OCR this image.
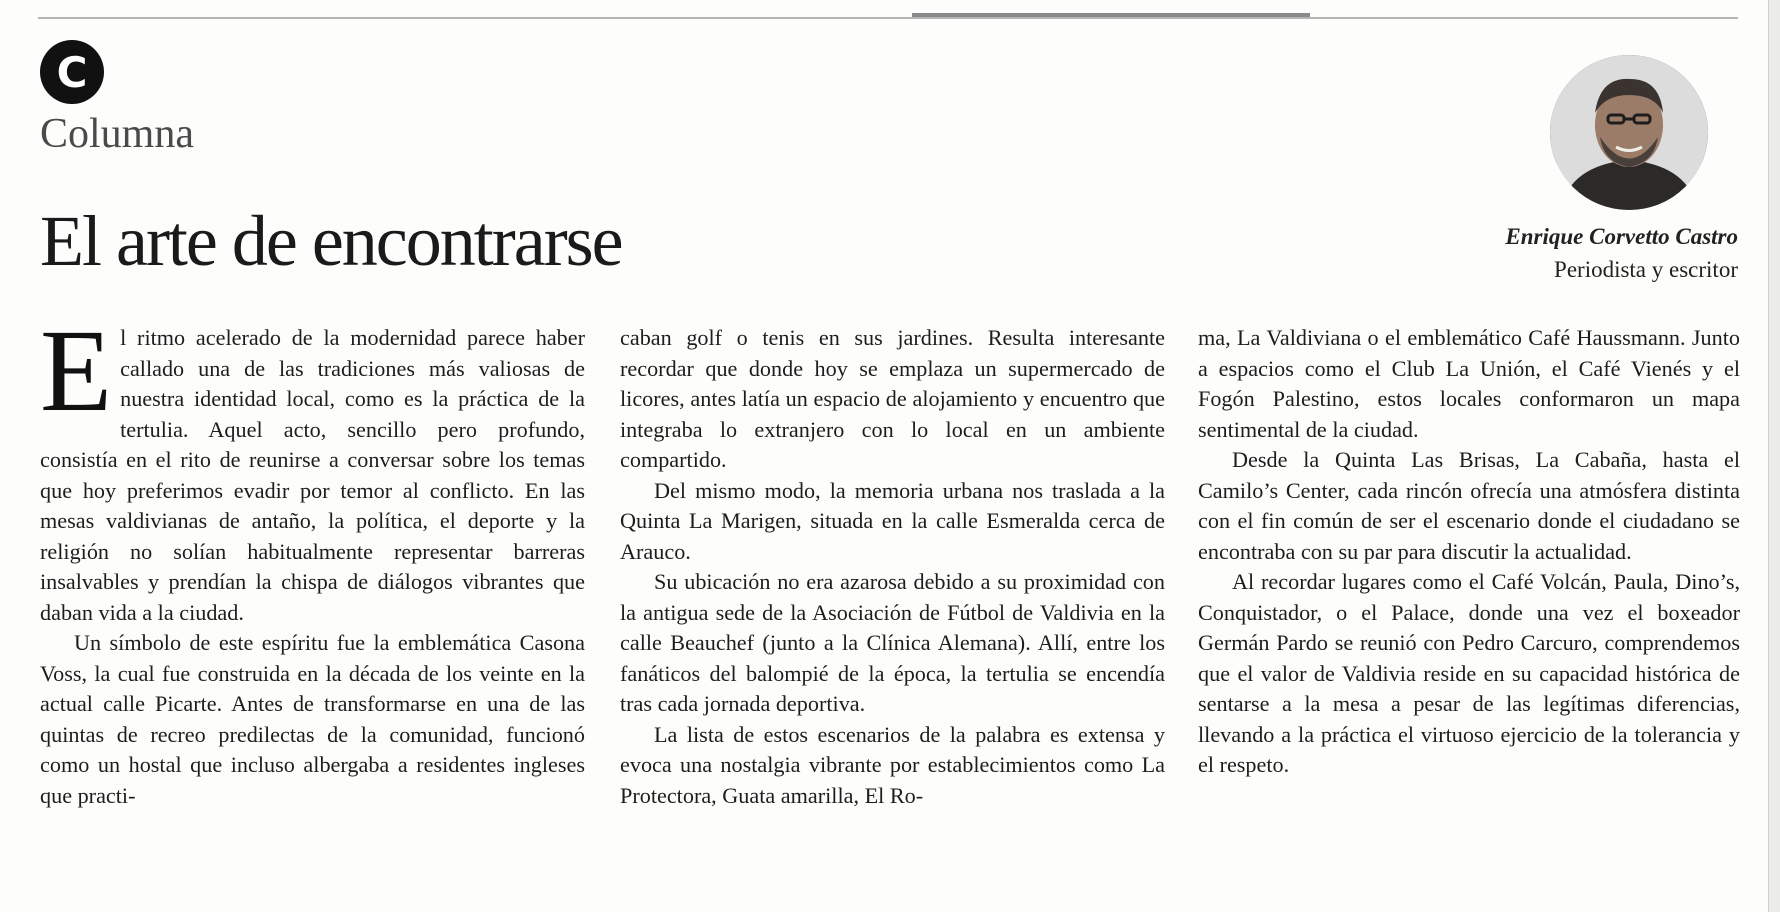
C
Columna
El arte de encontrarse	Enrique Corvetto Castro
Periodista y escritor

El ritmo acelerado de la modernidad parece haber callado una de las tradiciones más valiosas de nuestra identidad local, como es la práctica de la tertulia. Aquel acto, sencillo pero profundo, consistía en el rito de reunirse a conversar sobre los temas que hoy preferimos evadir por temor al conflicto. En las mesas valdivianas de antaño, la política, el deporte y la religión no solían habitualmente representar barreras insalvables y prendían la chispa de diálogos vibrantes que daban vida a la ciudad.

Un símbolo de este espíritu fue la emblemática Casona Voss, la cual fue construida en la década de los veinte en la actual calle Picarte. Antes de transformarse en una de las quintas de recreo predilectas de la comunidad, funcionó como un hostal que incluso albergaba a residentes ingleses que practi-

caban golf o tenis en sus jardines. Resulta interesante recordar que donde hoy se emplaza un supermercado de licores, antes latía un espacio de alojamiento y encuentro que integraba lo extranjero con lo local en un ambiente compartido.

Del mismo modo, la memoria urbana nos traslada a la Quinta La Marigen, situada en la calle Esmeralda cerca de Arauco.

Su ubicación no era azarosa debido a su proximidad con la antigua sede de la Asociación de Fútbol de Valdivia en la calle Beauchef (junto a la Clínica Alemana). Allí, entre los fanáticos del balompié de la época, la tertulia se encendía tras cada jornada deportiva.

La lista de estos escenarios de la palabra es extensa y evoca una nostalgia vibrante por establecimientos como La Protectora, Guata amarilla, El Ro-

ma, La Valdiviana o el emblemático Café Haussmann. Junto a espacios como el Club La Unión, el Café Vienés y el Fogón Palestino, estos locales conformaron un mapa sentimental de la ciudad.

Desde la Quinta Las Brisas, La Cabaña, hasta el Camilo’s Center, cada rincón ofrecía una atmósfera distinta con el fin común de ser el escenario donde el ciudadano se encontraba con su par para discutir la actualidad.

Al recordar lugares como el Café Volcán, Paula, Dino’s, Conquistador, o el Palace, donde una vez el boxeador Germán Pardo se reunió con Pedro Carcuro, comprendemos que el valor de Valdivia reside en su capacidad histórica de sentarse a la mesa a pesar de las legítimas diferencias, llevando a la práctica el virtuoso ejercicio de la tolerancia y el respeto.
